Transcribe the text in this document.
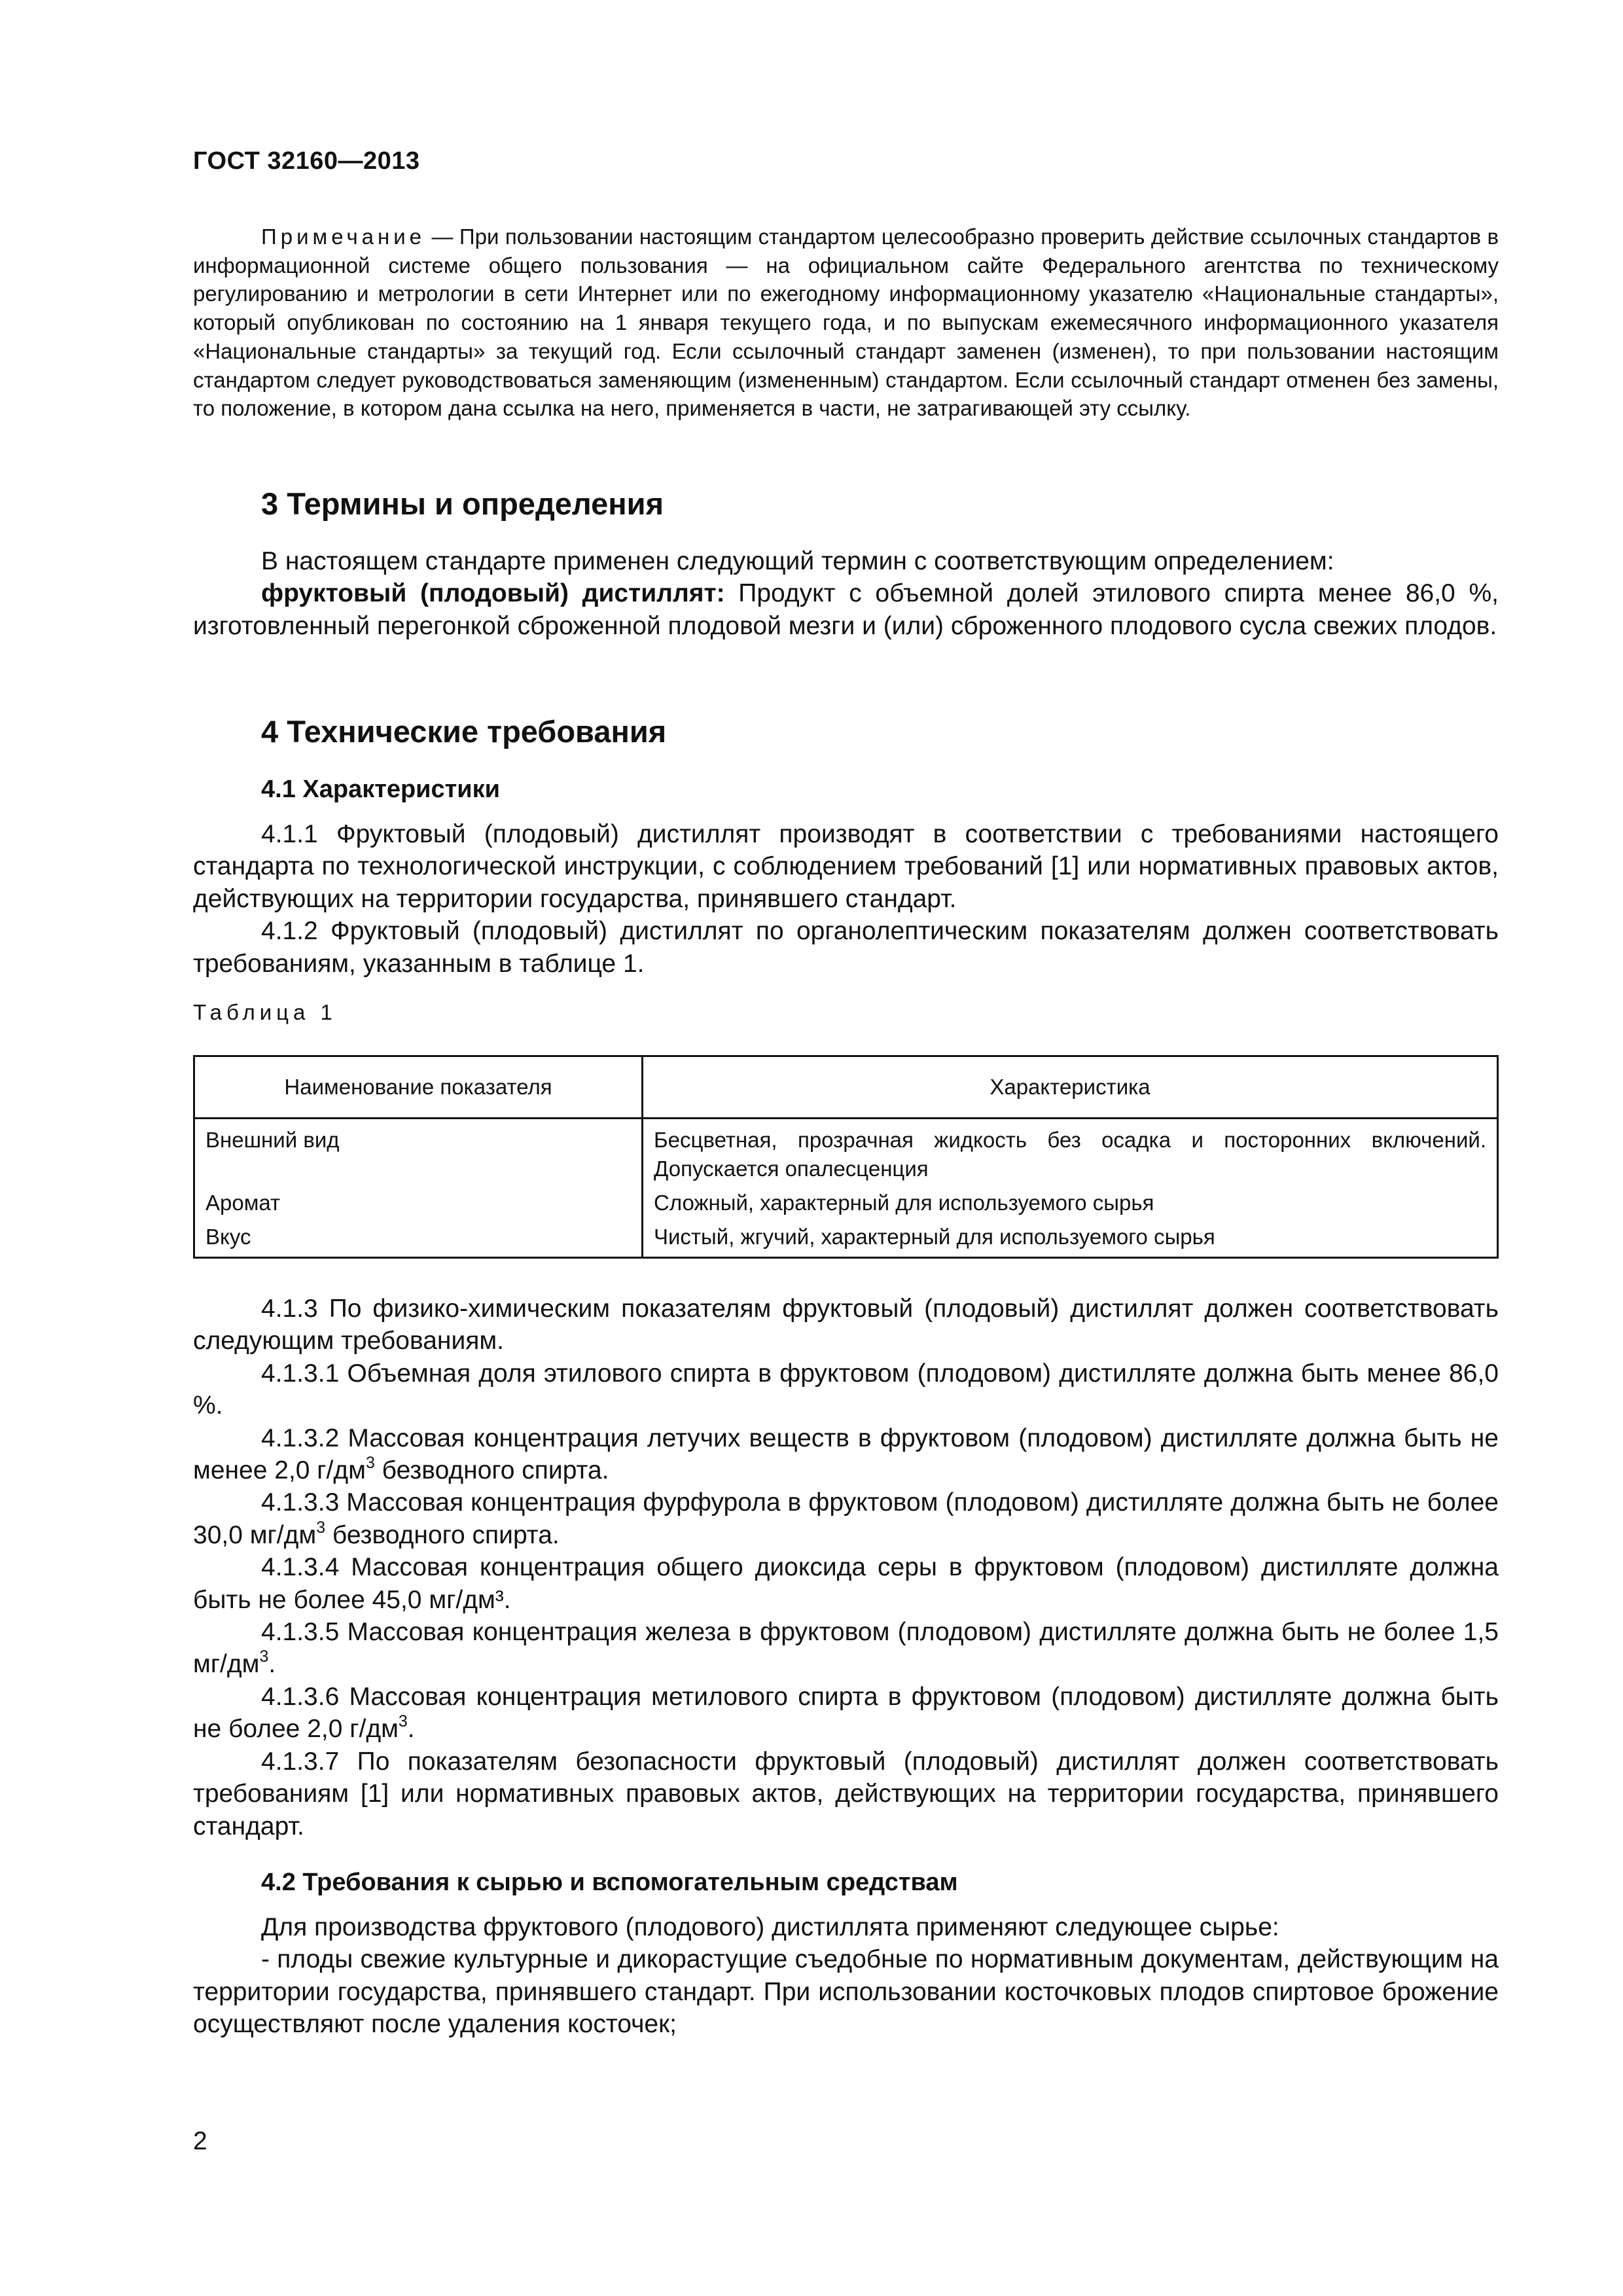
ГОСТ 32160—2013
Примечание — При пользовании настоящим стандартом целесообразно проверить действие ссылочных стандартов в информационной системе общего пользования — на официальном сайте Федерального агентства по техническому регулированию и метрологии в сети Интернет или по ежегодному информационному указателю «Национальные стандарты», который опубликован по состоянию на 1 января текущего года, и по выпускам ежемесячного информационного указателя «Национальные стандарты» за текущий год. Если ссылочный стандарт заменен (изменен), то при пользовании настоящим стандартом следует руководствоваться заменяющим (измененным) стандартом. Если ссылочный стандарт отменен без замены, то положение, в котором дана ссылка на него, применяется в части, не затрагивающей эту ссылку.
3 Термины и определения

В настоящем стандарте применен следующий термин с соответствующим определением:

фруктовый (плодовый) дистиллят: Продукт с объемной долей этилового спирта менее 86,0 %, изготовленный перегонкой сброженной плодовой мезги и (или) сброженного плодового сусла свежих плодов.

4 Технические требования
4.1 Характеристики

4.1.1 Фруктовый (плодовый) дистиллят производят в соответствии с требованиями настоящего стандарта по технологической инструкции, с соблюдением требований [1] или нормативных правовых актов, действующих на территории государства, принявшего стандарт.

4.1.2 Фруктовый (плодовый) дистиллят по органолептическим показателям должен соответствовать требованиям, указанным в таблице 1.

Таблица 1
Наименование показателя	Характеристика
Внешний вид	Бесцветная, прозрачная жидкость без осадка и посторонних включений. Допускается опалесценция
Аромат	Сложный, характерный для используемого сырья
Вкус	Чистый, жгучий, характерный для используемого сырья

4.1.3 По физико-химическим показателям фруктовый (плодовый) дистиллят должен соответствовать следующим требованиям.

4.1.3.1 Объемная доля этилового спирта в фруктовом (плодовом) дистилляте должна быть менее 86,0 %.

4.1.3.2 Массовая концентрация летучих веществ в фруктовом (плодовом) дистилляте должна быть не менее 2,0 $г/дм^3$ безводного спирта.

4.1.3.3 Массовая концентрация фурфурола в фруктовом (плодовом) дистилляте должна быть не более 30,0 $мг/дм^3$ безводного спирта.

4.1.3.4 Массовая концентрация общего диоксида серы в фруктовом (плодовом) дистилляте должна быть не более 45,0 мг/дм³.

4.1.3.5 Массовая концентрация железа в фруктовом (плодовом) дистилляте должна быть не более 1,5 $мг/дм^3$.

4.1.3.6 Массовая концентрация метилового спирта в фруктовом (плодовом) дистилляте должна быть не более 2,0 $г/дм^3$.

4.1.3.7 По показателям безопасности фруктовый (плодовый) дистиллят должен соответствовать требованиям [1] или нормативных правовых актов, действующих на территории государства, принявшего стандарт.

4.2 Требования к сырью и вспомогательным средствам

Для производства фруктового (плодового) дистиллята применяют следующее сырье:

- плоды свежие культурные и дикорастущие съедобные по нормативным документам, действующим на территории государства, принявшего стандарт. При использовании косточковых плодов спиртовое брожение осуществляют после удаления косточек;

2
